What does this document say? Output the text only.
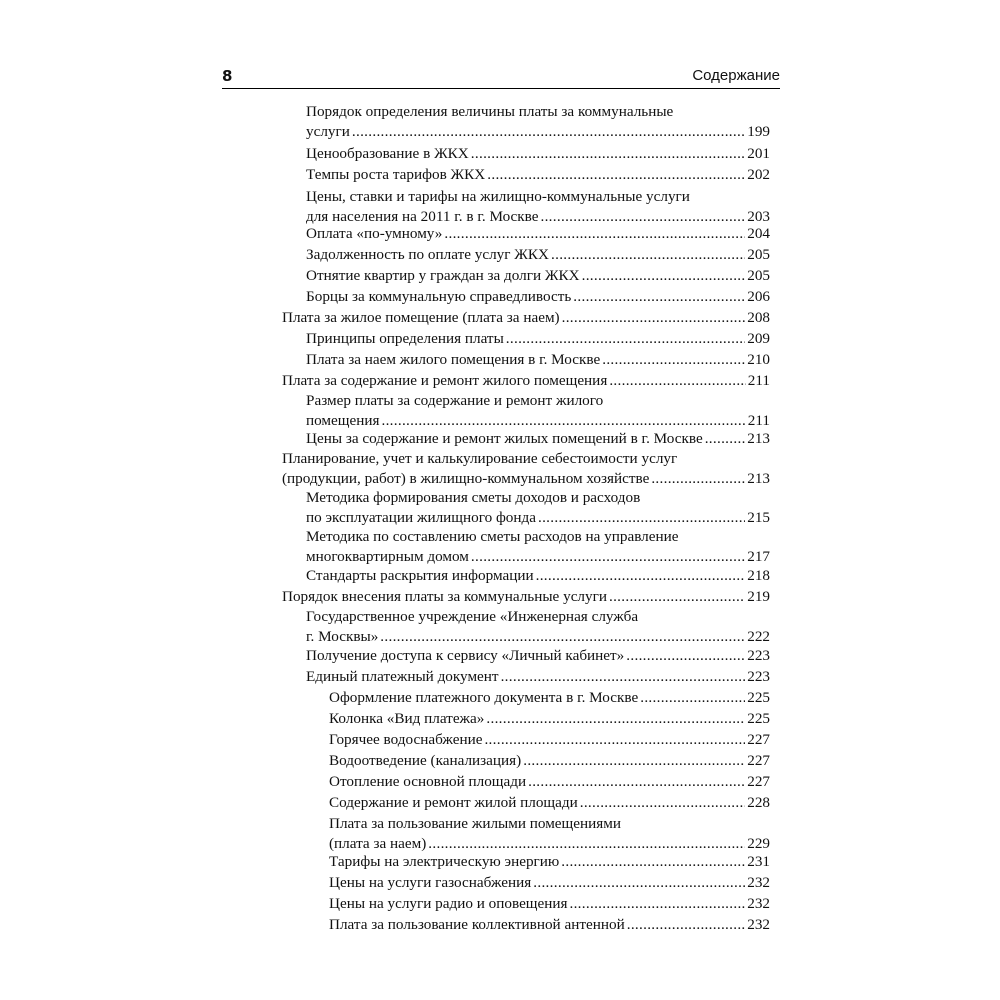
8	Содержание
Порядок определения величины платы за коммунальные
услуги .....	199
Ценообразование в ЖКХ .....	201
Темпы роста тарифов ЖКХ .....	202
Цены, ставки и тарифы на жилищно-коммунальные услуги
для населения на 2011 г. в г. Москве .....	203
Оплата «по-умному» .....	204
Задолженность по оплате услуг ЖКХ .....	205
Отнятие квартир у граждан за долги ЖКХ .....	205
Борцы за коммунальную справедливость .....	206
Плата за жилое помещение (плата за наем) .....	208
Принципы определения платы .....	209
Плата за наем жилого помещения в г. Москве .....	210
Плата за содержание и ремонт жилого помещения .....	211
Размер платы за содержание и ремонт жилого
помещения .....	211
Цены за содержание и ремонт жилых помещений в г. Москве .....	213
Планирование, учет и калькулирование себестоимости услуг
(продукции, работ) в жилищно-коммунальном хозяйстве .....	213
Методика формирования сметы доходов и расходов
по эксплуатации жилищного фонда .....	215
Методика по составлению сметы расходов на управление
многоквартирным домом .....	217
Стандарты раскрытия информации .....	218
Порядок внесения платы за коммунальные услуги .....	219
Государственное учреждение «Инженерная служба
г. Москвы» .....	222
Получение доступа к сервису «Личный кабинет» .....	223
Единый платежный документ .....	223
Оформление платежного документа в г. Москве .....	225
Колонка «Вид платежа» .....	225
Горячее водоснабжение .....	227
Водоотведение (канализация) .....	227
Отопление основной площади .....	227
Содержание и ремонт жилой площади .....	228
Плата за пользование жилыми помещениями
(плата за наем) .....	229
Тарифы на электрическую энергию .....	231
Цены на услуги газоснабжения .....	232
Цены на услуги радио и оповещения .....	232
Плата за пользование коллективной антенной .....	232
